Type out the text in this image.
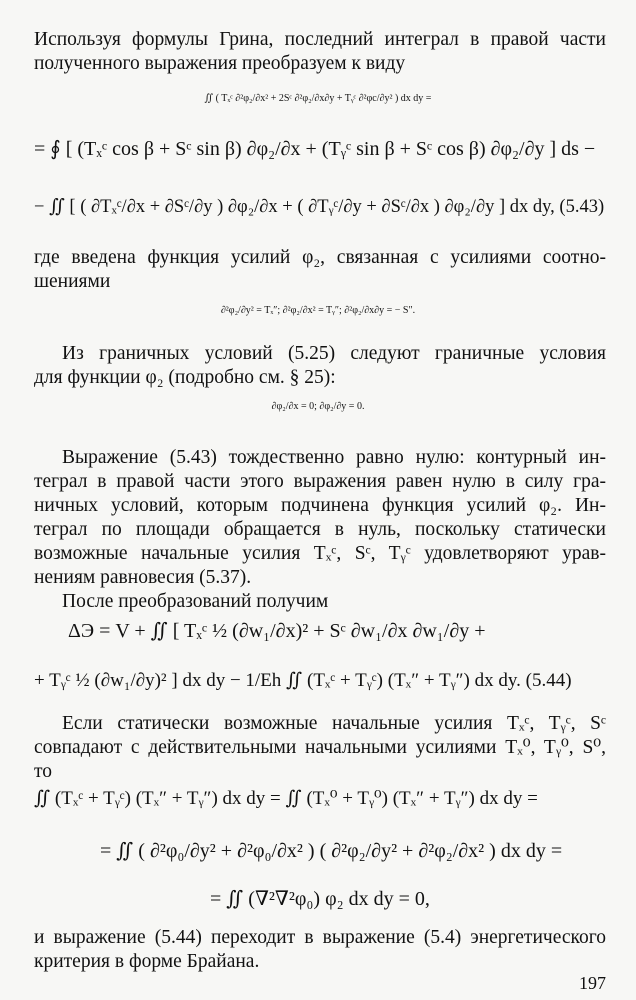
Используя формулы Грина, последний интеграл в правой части
полученного выражения преобразуем к виду
∬ ( Tₓᶜ ∂²φ₂/∂x² + 2Sᶜ ∂²φ₂/∂x∂y + Tᵧᶜ ∂²φc/∂y² ) dx dy =
= ∮ [ (Tₓᶜ cos β + Sᶜ sin β) ∂φ₂/∂x + (Tᵧᶜ sin β + Sᶜ cos β) ∂φ₂/∂y ] ds −
− ∬ [ ( ∂Tₓᶜ/∂x + ∂Sᶜ/∂y ) ∂φ₂/∂x + ( ∂Tᵧᶜ/∂y + ∂Sᶜ/∂x ) ∂φ₂/∂y ] dx dy, (5.43)
где введена функция усилий φ₂, связанная с усилиями соотно-
шениями
∂²φ₂/∂y² = Tₓ″; ∂²φ₂/∂x² = Tᵧ″; ∂²φ₂/∂x∂y = − S″.
Из граничных условий (5.25) следуют граничные условия
для функции φ₂ (подробно см. § 25):
∂φ₂/∂x = 0; ∂φ₂/∂y = 0.
Выражение (5.43) тождественно равно нулю: контурный ин-
теграл в правой части этого выражения равен нулю в силу гра-
ничных условий, которым подчинена функция усилий φ₂. Ин-
теграл по площади обращается в нуль, поскольку статически
возможные начальные усилия Tₓᶜ, Sᶜ, Tᵧᶜ удовлетворяют урав-
нениям равновесия (5.37).
После преобразований получим
ΔЭ = V + ∬ [ Tₓᶜ ½ (∂w₁/∂x)² + Sᶜ ∂w₁/∂x ∂w₁/∂y +
+ Tᵧᶜ ½ (∂w₁/∂y)² ] dx dy − 1/Eh ∬ (Tₓᶜ + Tᵧᶜ) (Tₓ″ + Tᵧ″) dx dy. (5.44)
Если статически возможные начальные усилия Tₓᶜ, Tᵧᶜ, Sᶜ
совпадают с действительными начальными усилиями Tₓ⁰, Tᵧ⁰, S⁰,
то
∬ (Tₓᶜ + Tᵧᶜ) (Tₓ″ + Tᵧ″) dx dy = ∬ (Tₓ⁰ + Tᵧ⁰) (Tₓ″ + Tᵧ″) dx dy =
= ∬ ( ∂²φ₀/∂y² + ∂²φ₀/∂x² ) ( ∂²φ₂/∂y² + ∂²φ₂/∂x² ) dx dy =
= ∬ (∇²∇²φ₀) φ₂ dx dy = 0,
и выражение (5.44) переходит в выражение (5.4) энергетического
критерия в форме Брайана.
197
